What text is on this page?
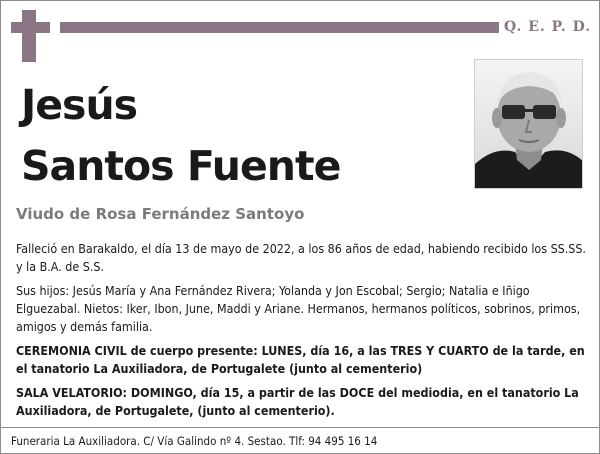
Q. E. P. D.
Jesús
Santos Fuente
Viudo de Rosa Fernández Santoyo
Falleció en Barakaldo, el día 13 de mayo de 2022, a los 86 años de edad, habiendo recibido los SS.SS. y la B.A. de S.S.
Sus hijos: Jesús María y Ana Fernández Rivera; Yolanda y Jon Escobal; Sergio; Natalia e Iñigo Elguezabal. Nietos: Iker, Ibon, June, Maddi y Ariane. Hermanos, hermanos políticos, sobrinos, primos, amigos y demás familia.
CEREMONIA CIVIL de cuerpo presente: LUNES, día 16, a las TRES Y CUARTO de la tarde, en el tanatorio La Auxiliadora, de Portugalete (junto al cementerio)
SALA VELATORIO: DOMINGO, día 15, a partir de las DOCE del mediodia, en el tanatorio La Auxiliadora, de Portugalete, (junto al cementerio).
Funeraria La Auxiliadora. C/ Vía Galindo nº 4. Sestao. Tlf: 94 495 16 14
